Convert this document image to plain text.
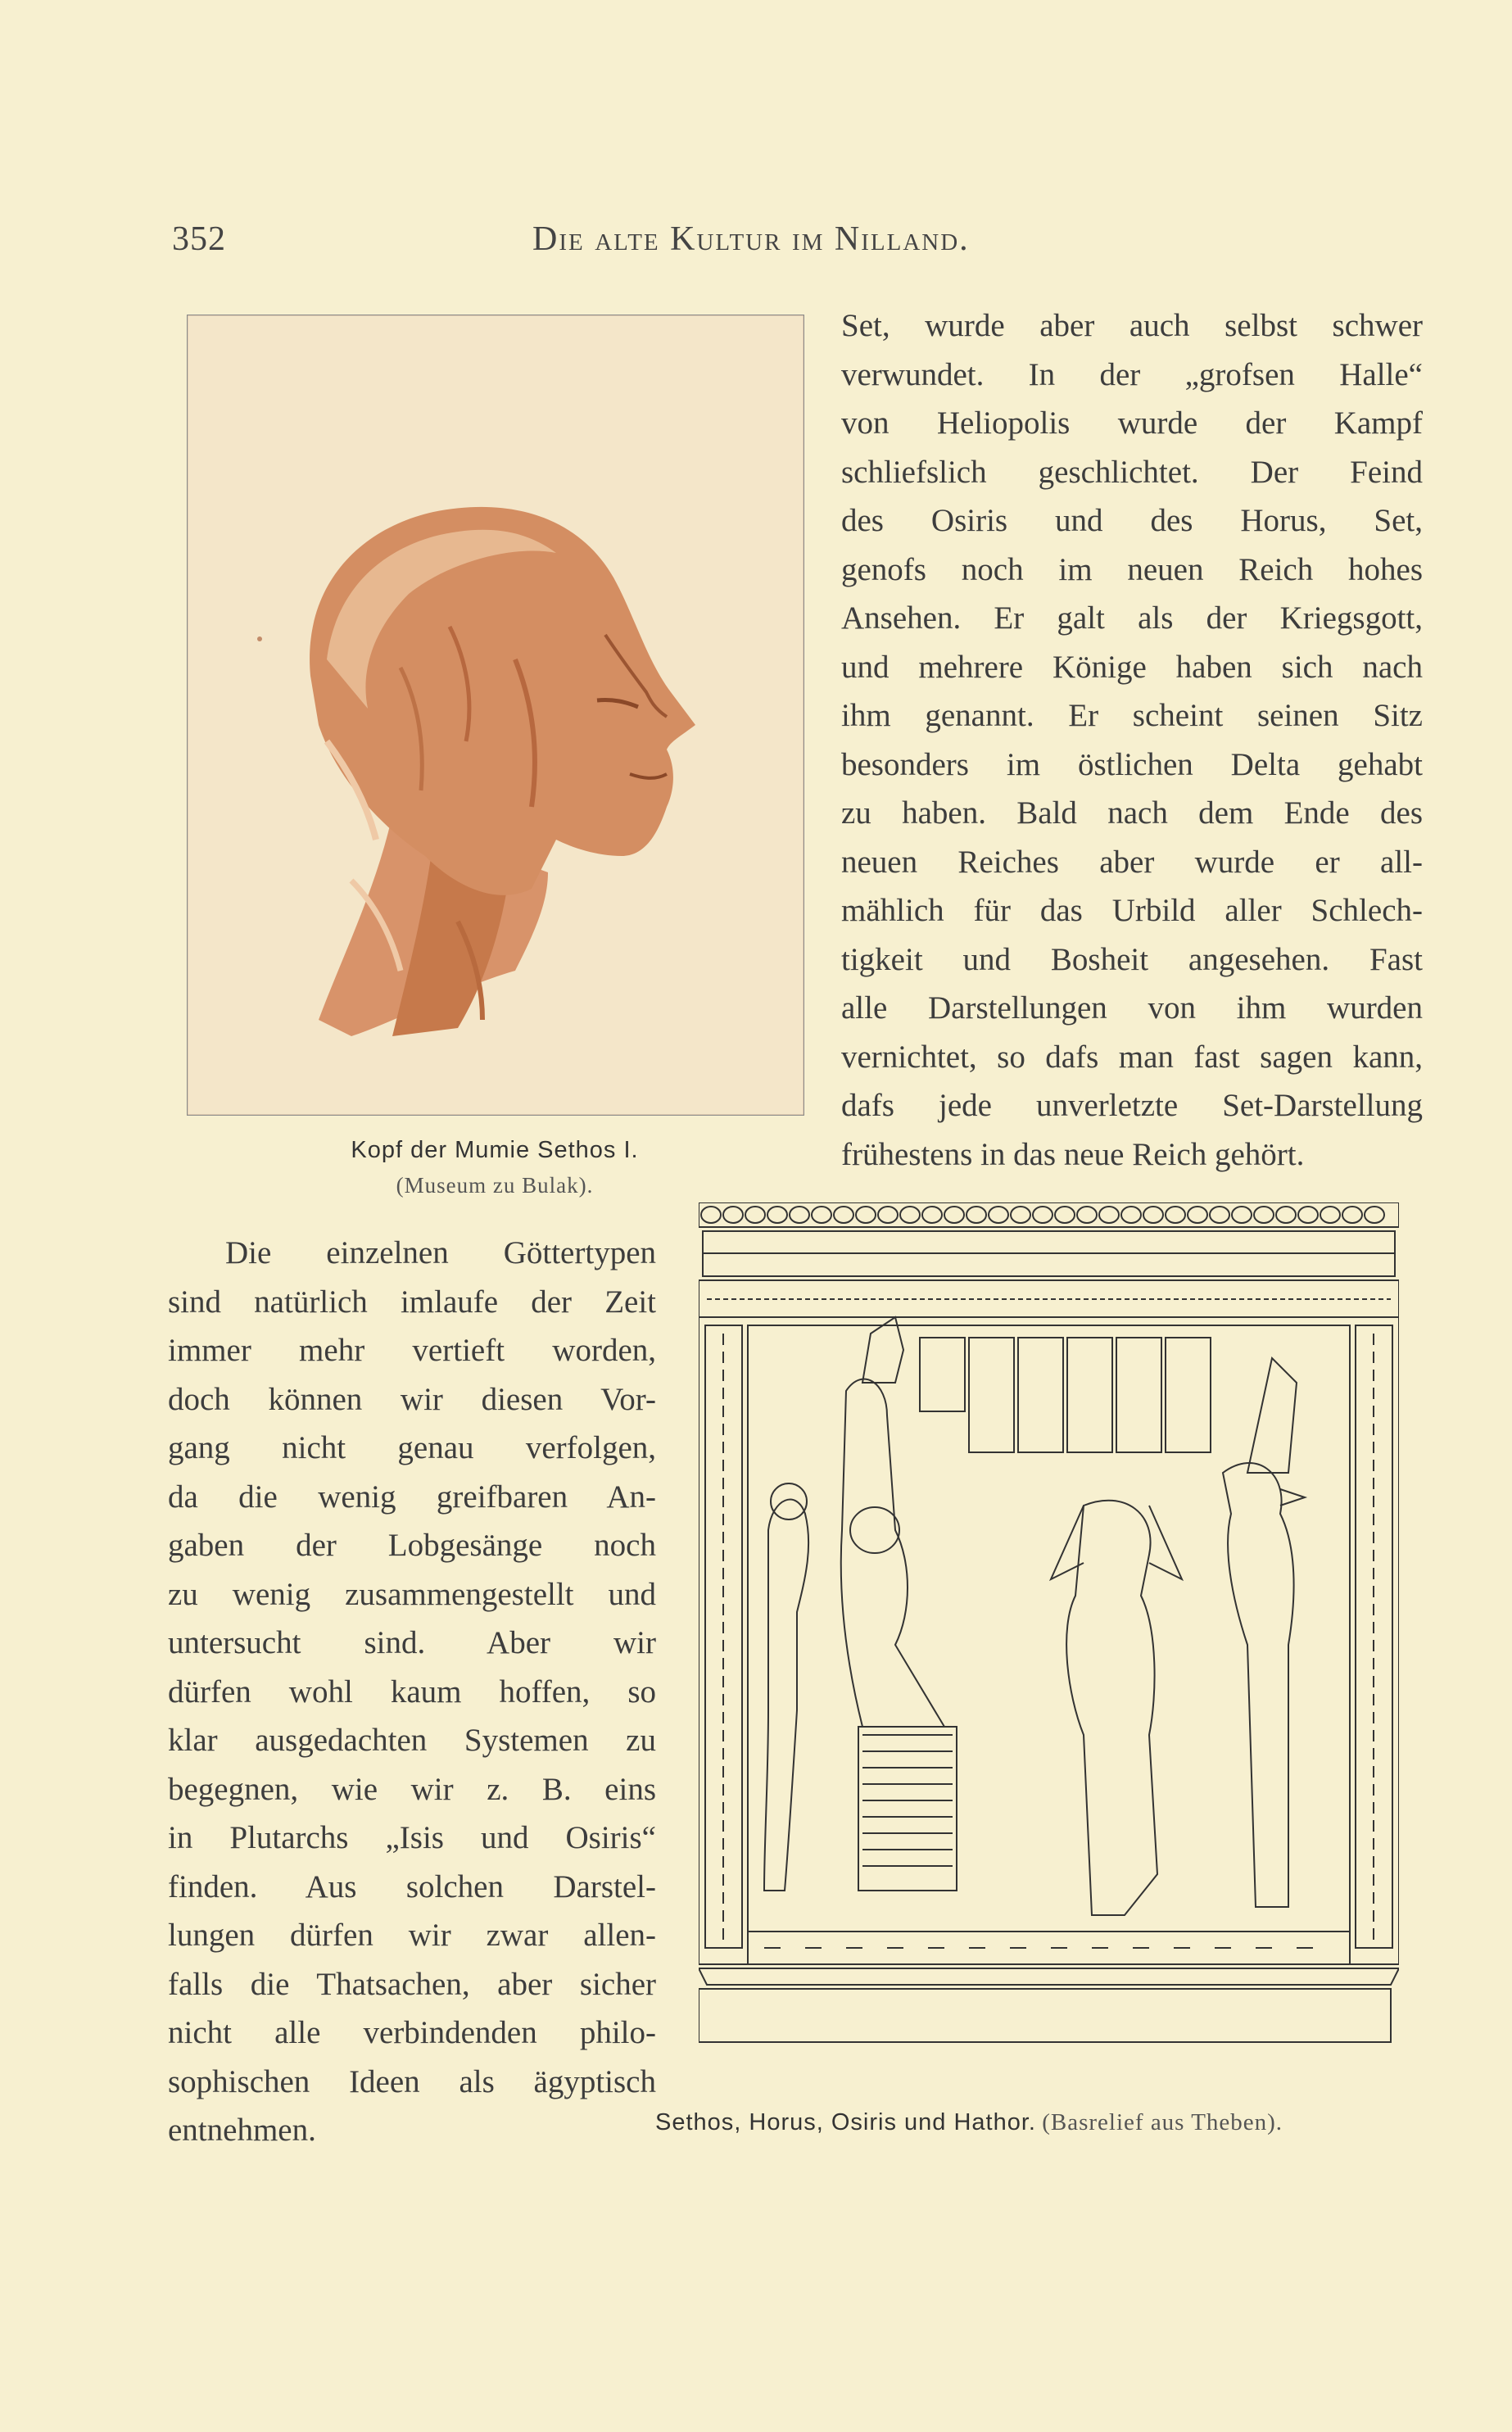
352	Die alte Kultur im Nilland.
Kopf der Mumie Sethos I.
(Museum zu Bulak).
Set, wurde aber auch selbst schwer
verwundet. In der „grofsen Halle“
von Heliopolis wurde der Kampf
schliefslich geschlichtet. Der Feind
des Osiris und des Horus, Set,
genofs noch im neuen Reich hohes
Ansehen. Er galt als der Kriegsgott,
und mehrere Könige haben sich nach
ihm genannt. Er scheint seinen Sitz
besonders im östlichen Delta gehabt
zu haben. Bald nach dem Ende des
neuen Reiches aber wurde er all-
mählich für das Urbild aller Schlech-
tigkeit und Bosheit angesehen. Fast
alle Darstellungen von ihm wurden
vernichtet, so dafs man fast sagen kann,
dafs jede unverletzte Set-Darstellung
frühestens in das neue Reich gehört.
Die einzelnen Göttertypen
sind natürlich imlaufe der Zeit
immer mehr vertieft worden,
doch können wir diesen Vor-
gang nicht genau verfolgen,
da die wenig greifbaren An-
gaben der Lobgesänge noch
zu wenig zusammengestellt und
untersucht sind. Aber wir
dürfen wohl kaum hoffen, so
klar ausgedachten Systemen zu
begegnen, wie wir z. B. eins
in Plutarchs „Isis und Osiris“
finden. Aus solchen Darstel-
lungen dürfen wir zwar allen-
falls die Thatsachen, aber sicher
nicht alle verbindenden philo-
sophischen Ideen als ägyptisch
entnehmen.	Sethos, Horus, Osiris und Hathor. (Basrelief aus Theben).
